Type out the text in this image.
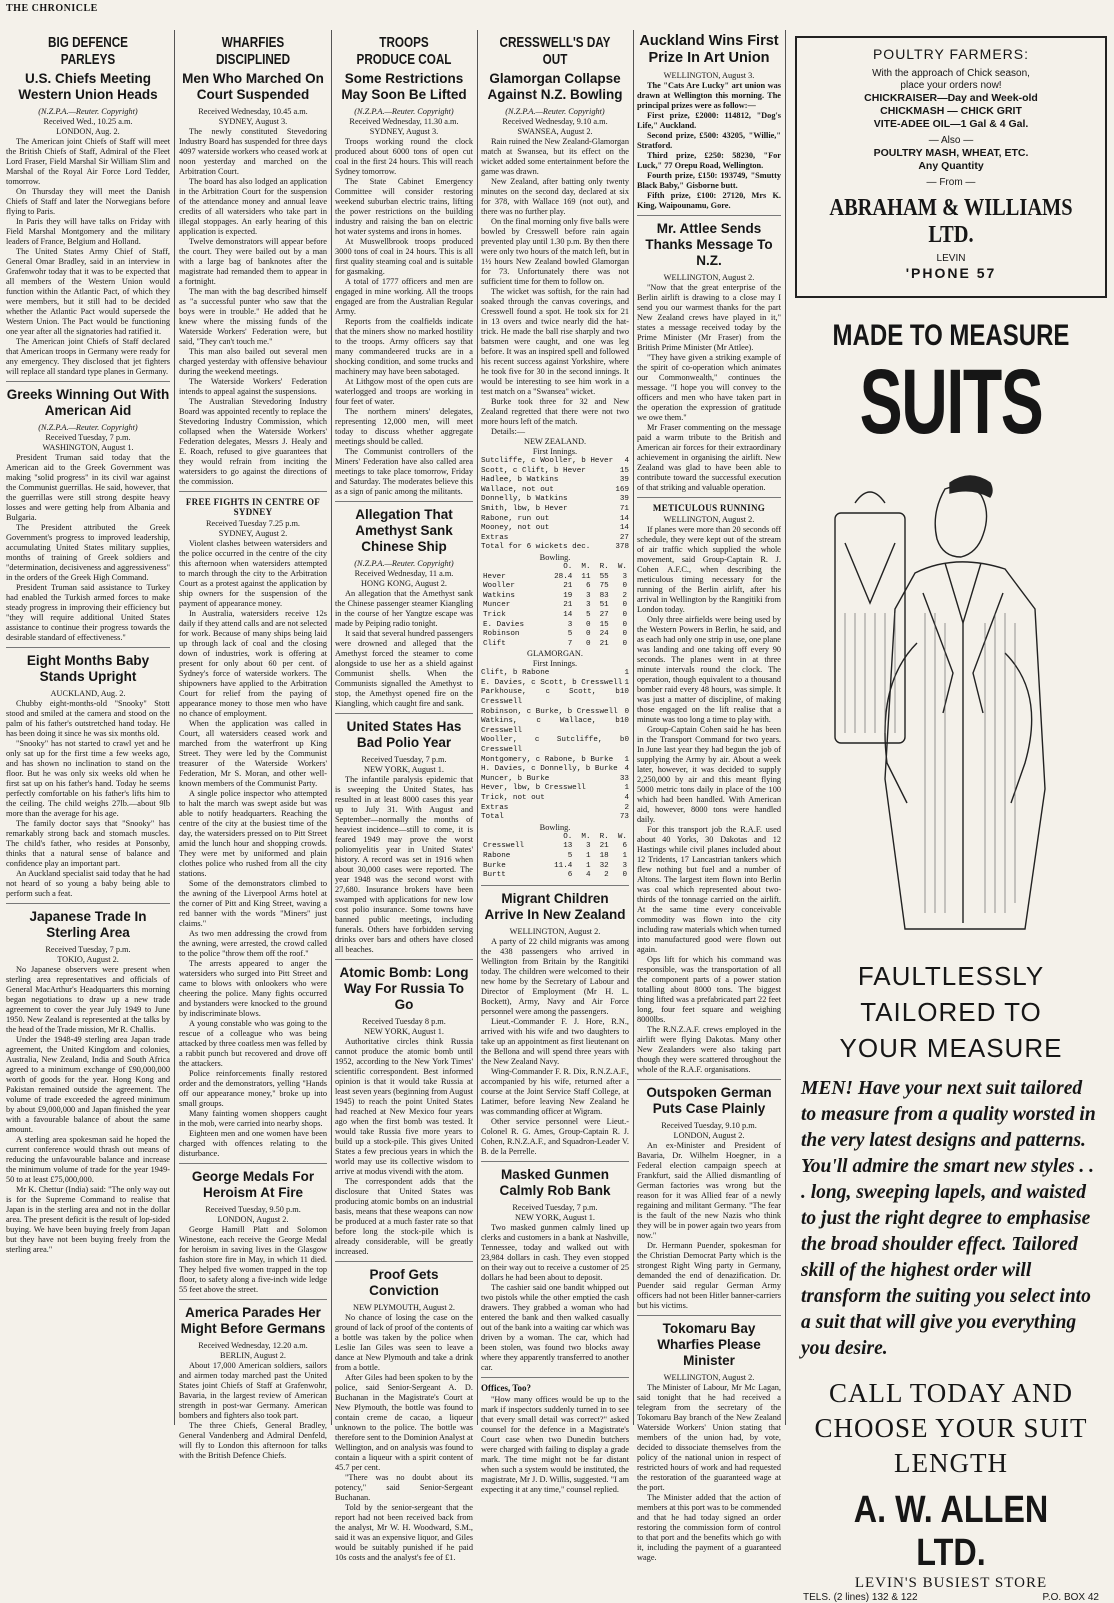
THE CHRONICLE
BIG DEFENCE PARLEYS
U.S. Chiefs Meeting Western Union Heads
(N.Z.P.A.—Reuter. Copyright)
Received Wed., 10.25 a.m.
LONDON, Aug. 2.

The American joint Chiefs of Staff will meet the British Chiefs of Staff, Admiral of the Fleet Lord Fraser, Field Marshal Sir William Slim and Marshal of the Royal Air Force Lord Tedder, tomorrow.

On Thursday they will meet the Danish Chiefs of Staff and later the Norwegians before flying to Paris.

In Paris they will have talks on Friday with Field Marshal Montgomery and the military leaders of France, Belgium and Holland.

The United States Army Chief of Staff, General Omar Bradley, said in an interview in Grafenwohr today that it was to be expected that all members of the Western Union would function within the Atlantic Pact, of which they were members, but it still had to be decided whether the Atlantic Pact would supersede the Western Union. The Pact would be functioning one year after all the signatories had ratified it.

The American joint Chiefs of Staff declared that American troops in Germany were ready for any emergency. They disclosed that jet fighters will replace all standard type planes in Germany.

Greeks Winning Out With American Aid
(N.Z.P.A.—Reuter. Copyright)
Received Tuesday, 7 p.m.
WASHINGTON, August 1.

President Truman said today that the American aid to the Greek Government was making "solid progress" in its civil war against the Communist guerrillas. He said, however, that the guerrillas were still strong despite heavy losses and were getting help from Albania and Bulgaria.

The President attributed the Greek Government's progress to improved leadership, accumulating United States military supplies, months of training of Greek soldiers and "determination, decisiveness and aggressiveness" in the orders of the Greek High Command.

President Truman said assistance to Turkey had enabled the Turkish armed forces to make steady progress in improving their efficiency but "they will require additional United States assistance to continue their progress towards the desirable standard of effectiveness."

Eight Months Baby Stands Upright
AUCKLAND, Aug. 2.

Chubby eight-months-old "Snooky" Stott stood and smiled at the camera and stood on the palm of his father's outstretched hand today. He has been doing it since he was six months old.

"Snooky" has not started to crawl yet and he only sat up for the first time a few weeks ago, and has shown no inclination to stand on the floor. But he was only six weeks old when he first sat up on his father's hand. Today he seems perfectly comfortable on his father's lifts him to the ceiling. The child weighs 27lb.—about 9lb more than the average for his age.

The family doctor says that "Snooky" has remarkably strong back and stomach muscles. The child's father, who resides at Ponsonby, thinks that a natural sense of balance and confidence play an important part.

An Auckland specialist said today that he had not heard of so young a baby being able to perform such a feat.

Japanese Trade In Sterling Area
Received Tuesday, 7 p.m.
TOKIO, August 2.

No Japanese observers were present when sterling area representatives and officials of General MacArthur's Headquarters this morning began negotiations to draw up a new trade agreement to cover the year July 1949 to June 1950. New Zealand is represented at the talks by the head of the Trade mission, Mr R. Challis.

Under the 1948-49 sterling area Japan trade agreement, the United Kingdom and colonies, Australia, New Zealand, India and South Africa agreed to a minimum exchange of £90,000,000 worth of goods for the year. Hong Kong and Pakistan remained outside the agreement. The volume of trade exceeded the agreed minimum by about £9,000,000 and Japan finished the year with a favourable balance of about the same amount.

A sterling area spokesman said he hoped the current conference would thrash out means of reducing the unfavourable balance and increase the minimum volume of trade for the year 1949-50 to at least £75,000,000.

Mr K. Chettur (India) said: "The only way out is for the Supreme Command to realise that Japan is in the sterling area and not in the dollar area. The present deficit is the result of lop-sided buying. We have been buying freely from Japan but they have not been buying freely from the sterling area."

WHARFIES DISCIPLINED
Men Who Marched On Court Suspended
Received Wednesday, 10.45 a.m.
SYDNEY, August 3.

The newly constituted Stevedoring Industry Board has suspended for three days 4097 waterside workers who ceased work at noon yesterday and marched on the Arbitration Court.

The board has also lodged an application in the Arbitration Court for the suspension of the attendance money and annual leave credits of all watersiders who take part in illegal stoppages. An early hearing of this application is expected.

Twelve demonstrators will appear before the court. They were bailed out by a man with a large bag of banknotes after the magistrate had remanded them to appear in a fortnight.

The man with the bag described himself as "a successful punter who saw that the boys were in trouble." He added that he knew where the missing funds of the Waterside Workers' Federation were, but said, "They can't touch me."

This man also bailed out several men charged yesterday with offensive behaviour during the weekend meetings.

The Waterside Workers' Federation intends to appeal against the suspensions.

The Australian Stevedoring Industry Board was appointed recently to replace the Stevedoring Industry Commission, which collapsed when the Waterside Workers' Federation delegates, Messrs J. Healy and E. Roach, refused to give guarantees that they would refrain from inciting the watersiders to go against the directions of the commission.

FREE FIGHTS IN CENTRE OF SYDNEY
Received Tuesday 7.25 p.m.
SYDNEY, August 2.

Violent clashes between watersiders and the police occurred in the centre of the city this afternoon when watersiders attempted to march through the city to the Arbitration Court as a protest against the application by ship owners for the suspension of the payment of appearance money.

In Australia, watersiders receive 12s daily if they attend calls and are not selected for work. Because of many ships being laid up through lack of coal and the closing down of industries, work is offering at present for only about 60 per cent. of Sydney's force of waterside workers. The shipowners have applied to the Arbitration Court for relief from the paying of appearance money to those men who have no chance of employment.

When the application was called in Court, all watersiders ceased work and marched from the waterfront up King Street. They were led by the Communist treasurer of the Waterside Workers' Federation, Mr S. Moran, and other well-known members of the Communist Party.

A single police inspector who attempted to halt the march was swept aside but was able to notify headquarters. Reaching the centre of the city at the busiest time of the day, the watersiders pressed on to Pitt Street amid the lunch hour and shopping crowds. They were met by uniformed and plain clothes police who rushed from all the city stations.

Some of the demonstrators climbed to the awning of the Liverpool Arms hotel at the corner of Pitt and King Street, waving a red banner with the words "Miners" just claims."

As two men addressing the crowd from the awning, were arrested, the crowd called to the police "throw them off the roof."

The arrests appeared to anger the watersiders who surged into Pitt Street and came to blows with onlookers who were cheering the police. Many fights occurred and bystanders were knocked to the ground by indiscriminate blows.

A young constable who was going to the rescue of a colleague who was being attacked by three coatless men was felled by a rabbit punch but recovered and drove off the attackers.

Police reinforcements finally restored order and the demonstrators, yelling "Hands off our appearance money," broke up into small groups.

Many fainting women shoppers caught in the mob, were carried into nearby shops.

Eighteen men and one women have been charged with offences relating to the disturbance.

George Medals For Heroism At Fire
Received Tuesday, 9.50 p.m.
LONDON, August 2.

George Hamill Platt and Solomon Winestone, each receive the George Medal for heroism in saving lives in the Glasgow fashion store fire in May, in which 11 died. They helped five women trapped in the top floor, to safety along a five-inch wide ledge 55 feet above the street.

America Parades Her Might Before Germans
Received Wednesday, 12.20 a.m.
BERLIN, August 2.

About 17,000 American soldiers, sailors and airmen today marched past the United States joint Chiefs of Staff at Grafenwohr, Bavaria, in the largest review of American strength in post-war Germany. American bombers and fighters also took part.

The three Chiefs, General Bradley, General Vandenberg and Admiral Denfeld, will fly to London this afternoon for talks with the British Defence Chiefs.

TROOPS PRODUCE COAL
Some Restrictions May Soon Be Lifted
(N.Z.P.A.—Reuter. Copyright)
Received Wednesday, 11.30 a.m.
SYDNEY, August 3.

Troops working round the clock produced about 6000 tons of open cut coal in the first 24 hours. This will reach Sydney tomorrow.

The State Cabinet Emergency Committee will consider restoring weekend suburban electric trains, lifting the power restrictions on the building industry and raising the ban on electric hot water systems and irons in homes.

At Muswellbrook troops produced 3000 tons of coal in 24 hours. This is all first quality steaming coal and is suitable for gasmaking.

A total of 1777 officers and men are engaged in mine working. All the troops engaged are from the Australian Regular Army.

Reports from the coalfields indicate that the miners show no marked hostility to the troops. Army officers say that many commandeered trucks are in a shocking condition, and some trucks and machinery may have been sabotaged.

At Lithgow most of the open cuts are waterlogged and troops are working in four feet of water.

The northern miners' delegates, representing 12,000 men, will meet today to discuss whether aggregate meetings should be called.

The Communist controllers of the Miners' Federation have also called area meetings to take place tomorrow, Friday and Saturday. The moderates believe this as a sign of panic among the militants.

Allegation That Amethyst Sank Chinese Ship
(N.Z.P.A.—Reuter. Copyright)
Received Wednesday, 11 a.m.
HONG KONG, August 2.

An allegation that the Amethyst sank the Chinese passenger steamer Kiangling in the course of her Yangtze escape was made by Peiping radio tonight.

It said that several hundred passengers were drowned and alleged that the Amethyst forced the steamer to come alongside to use her as a shield against Communist shells. When the Communists signalled the Amethyst to stop, the Amethyst opened fire on the Kiangling, which caught fire and sank.

United States Has Bad Polio Year
Received Tuesday, 7 p.m.
NEW YORK, August 1.

The infantile paralysis epidemic that is sweeping the United States, has resulted in at least 8000 cases this year up to July 31. With August and September—normally the months of heaviest incidence—still to come, it is feared 1949 may prove the worst poliomyelitis year in United States' history. A record was set in 1916 when about 30,000 cases were reported. The year 1948 was the second worst with 27,680. Insurance brokers have been swamped with applications for new low cost polio insurance. Some towns have banned public meetings, including funerals. Others have forbidden serving drinks over bars and others have closed all beaches.

Atomic Bomb: Long Way For Russia To Go
Received Tuesday 8 p.m.
NEW YORK, August 1.

Authoritative circles think Russia cannot produce the atomic bomb until 1952, according to the New York Times' scientific correspondent. Best informed opinion is that it would take Russia at least seven years (beginning from August 1945) to reach the point United States had reached at New Mexico four years ago when the first bomb was tested. It would take Russia five more years to build up a stock-pile. This gives United States a few precious years in which the world may use its collective wisdom to arrive at modus vivendi with the atom.

The correspondent adds that the disclosure that United States was producing atomic bombs on an industrial basis, means that these weapons can now be produced at a much faster rate so that before long the stock-pile which is already considerable, will be greatly increased.

Proof Gets Conviction
NEW PLYMOUTH, August 2.

No chance of losing the case on the ground of lack of proof of the contents of a bottle was taken by the police when Leslie Ian Giles was seen to leave a dance at New Plymouth and take a drink from a bottle.

After Giles had been spoken to by the police, said Senior-Sergeant A. D. Buchanan in the Magistrate's Court at New Plymouth, the bottle was found to contain creme de cacao, a liqueur unknown to the police. The bottle was therefore sent to the Dominion Analyst at Wellington, and on analysis was found to contain a liqueur with a spirit content of 45.7 per cent.

"There was no doubt about its potency," said Senior-Sergeant Buchanan.

Told by the senior-sergeant that the report had not been received back from the analyst, Mr W. H. Woodward, S.M., said it was an expensive liquor, and Giles would be suitably punished if he paid 10s costs and the analyst's fee of £1.

CRESSWELL'S DAY OUT
Glamorgan Collapse Against N.Z. Bowling
(N.Z.P.A.—Reuter. Copyright)
Received Wednesday, 9.10 a.m.
SWANSEA, August 2.

Rain ruined the New Zealand-Glamorgan match at Swansea, but its effect on the wicket added some entertainment before the game was drawn.

New Zealand, after batting only twenty minutes on the second day, declared at six for 378, with Wallace 169 (not out), and there was no further play.

On the final morning only five balls were bowled by Cresswell before rain again prevented play until 1.30 p.m. By then there were only two hours of the match left, but in 1½ hours New Zealand bowled Glamorgan for 73. Unfortunately there was not sufficient time for them to follow on.

The wicket was softish, for the rain had soaked through the canvas coverings, and Cresswell found a spot. He took six for 21 in 13 overs and twice nearly did the hat-trick. He made the ball rise sharply and two batsmen were caught, and one was leg before. It was an inspired spell and followed his recent success against Yorkshire, where he took five for 30 in the second innings. It would be interesting to see him work in a test match on a "Swansea" wicket.

Burke took three for 32 and New Zealand regretted that there were not two more hours left of the match.

Details:—

NEW ZEALAND.
First Innings.
Sutcliffe, c Wooller, b Hever 4
Scott, c Clift, b Hever	15
Hadlee, b Watkins	39
Wallace, not out	169
Donnelly, b Watkins	39
Smith, lbw, b Hever	71
Rabone, run out	14
Mooney, not out	14
Extras	27
Total for 6 wickets dec.	378
Bowling.
	O.	M.	R.	W.
Hever	28.4	11	55	3
Wooller	21	6	75	0
Watkins	19	3	83	2
Muncer	21	3	51	0
Trick	14	5	27	0
E. Davies	3	0	15	0
Robinson	5	0	24	0
Clift	7	0	21	0
GLAMORGAN.
First Innings.
Clift, b Rabone	1
E. Davies, c Scott, b Cresswell 1
Parkhouse, c Scott, b Cresswell
10
Robinson, c Burke, b Cresswell 0
Watkins, c Wallace, b Cresswell
10
Wooller, c Sutcliffe, b Cresswell
0
Montgomery, c Rabone, b Burke 1
H. Davies, c Donnelly, b Burke 4
Muncer, b Burke	33
Hever, lbw, b Cresswell	1
Trick, not out	4
Extras	2
Total	73
Bowling.
	O.	M.	R.	W.
Cresswell	13	3	21	6
Rabone	5	1	18	1
Burke	11.4	1	32	3
Burtt	6	4	2	0
Migrant Children Arrive In New Zealand
WELLINGTON, August 2.

A party of 22 child migrants was among the 438 passengers who arrived in Wellington from Britain by the Rangitiki today. The children were welcomed to their new home by the Secretary of Labour and Director of Employment (Mr H. L. Bockett), Army, Navy and Air Force personnel were among the passengers.

Lieut.-Commander F. J. Hore, R.N., arrived with his wife and two daughters to take up an appointment as first lieutenant on the Bellona and will spend three years with the New Zealand Navy.

Wing-Commander F. R. Dix, R.N.Z.A.F., accompanied by his wife, returned after a course at the Joint Service Staff College, at Latimer, before leaving New Zealand he was commanding officer at Wigram.

Other service personnel were Lieut.-Colonel R. G. Ames, Group-Captain R. J. Cohen, R.N.Z.A.F., and Squadron-Leader V. B. de la Perrelle.

Masked Gunmen Calmly Rob Bank
Received Tuesday, 7 p.m.
NEW YORK, August 1.

Two masked gunmen calmly lined up clerks and customers in a bank at Nashville, Tennessee, today and walked out with 23,984 dollars in cash. They even stopped on their way out to receive a customer of 25 dollars he had been about to deposit.

The cashier said one bandit whipped out two pistols while the other emptied the cash drawers. They grabbed a woman who had entered the bank and then walked casually out of the bank into a waiting car which was driven by a woman. The car, which had been stolen, was found two blocks away where they apparently transferred to another car.

Offices, Too?

"How many offices would be up to the mark if inspectors suddenly turned in to see that every small detail was correct?" asked counsel for the defence in a Magistrate's Court case when two Dunedin butchers were charged with failing to display a grade mark. The time might not be far distant when such a system would be instituted, the magistrate, Mr J. D. Willis, suggested. "I am expecting it at any time," counsel replied.

Auckland Wins First Prize In Art Union
WELLINGTON, August 3.

The "Cats Are Lucky" art union was drawn at Wellington this morning. The principal prizes were as follow:—

First prize, £2000: 114812, "Dog's Life," Auckland.

Second prize, £500: 43205, "Willie," Stratford.

Third prize, £250: 58230, "For Luck," 77 Orepu Road, Wellington.

Fourth prize, £150: 193749, "Smutty Black Baby," Gisborne butt.

Fifth prize, £100: 27120, Mrs K. King, Waipounamu, Gore.

Mr. Attlee Sends Thanks Message To N.Z.
WELLINGTON, August 2.

"Now that the great enterprise of the Berlin airlift is drawing to a close may I send you our warmest thanks for the part New Zealand crews have played in it," states a message received today by the Prime Minister (Mr Fraser) from the British Prime Minister (Mr Attlee).

"They have given a striking example of the spirit of co-operation which animates our Commonwealth," continues the message. "I hope you will convey to the officers and men who have taken part in the operation the expression of gratitude we owe them."

Mr Fraser commenting on the message paid a warm tribute to the British and American air forces for their extraordinary achievement in organising the airlift. New Zealand was glad to have been able to contribute toward the successful execution of that striking and valuable operation.

METICULOUS RUNNING
WELLINGTON, August 2.

If planes were more than 20 seconds off schedule, they were kept out of the stream of air traffic which supplied the whole movement, said Group-Captain R. J. Cohen A.F.C., when describing the meticulous timing necessary for the running of the Berlin airlift, after his arrival in Wellington by the Rangitiki from London today.

Only three airfields were being used by the Western Powers in Berlin, he said, and as each had only one strip in use, one plane was landing and one taking off every 90 seconds. The planes went in at three minute intervals round the clock. The operation, though equivalent to a thousand bomber raid every 48 hours, was simple. It was just a matter of discipline, of making those engaged on the lift realise that a minute was too long a time to play with.

Group-Captain Cohen said he has been in the Transport Command for two years. In June last year they had begun the job of supplying the Army by air. About a week later, however, it was decided to supply 2,250,000 by air and this meant flying 5000 metric tons daily in place of the 100 which had been handled. With American aid, however, 8000 tons were handled daily.

For this transport job the R.A.F. used about 40 Yorks, 30 Dakotas and 12 Hastings while civil planes included about 12 Tridents, 17 Lancastrian tankers which flew nothing but fuel and a number of Altons. The largest item flown into Berlin was coal which represented about two-thirds of the tonnage carried on the airlift. At the same time every conceivable commodity was flown into the city including raw materials which when turned into manufactured good were flown out again.

Ops lift for which his command was responsible, was the transportation of all the component parts of a power station totalling about 8000 tons. The biggest thing lifted was a prefabricated part 22 feet long, four feet square and weighing 8000lbs.

The R.N.Z.A.F. crews employed in the airlift were flying Dakotas. Many other New Zealanders were also taking part though they were scattered throughout the whole of the R.A.F. organisations.

Outspoken German Puts Case Plainly
Received Tuesday, 9.10 p.m.
LONDON, August 2.

An ex-Minister and President of Bavaria, Dr. Wilhelm Hoegner, in a Federal election campaign speech at Frankfurt, said the Allied dismantling of German factories was wrong but the reason for it was Allied fear of a newly regaining and militant Germany. "The fear is the fault of the new Nazis who think they will be in power again two years from now."

Dr. Hermann Puender, spokesman for the Christian Democrat Party which is the strongest Right Wing party in Germany, demanded the end of denazification. Dr. Puender said regular German Army officers had not been Hitler banner-carriers but his victims.

Tokomaru Bay Wharfies Please Minister
WELLINGTON, August 2.

The Minister of Labour, Mr Mc Lagan, said tonight that he had received a telegram from the secretary of the Tokomaru Bay branch of the New Zealand Waterside Workers' Union stating that members of the union had, by vote, decided to dissociate themselves from the policy of the national union in respect of restricted hours of work and had requested the restoration of the guaranteed wage at the port.

The Minister added that the action of members at this port was to be commended and that he had today signed an order restoring the commission form of control to that port and the benefits which go with it, including the payment of a guaranteed wage.

POULTRY FARMERS:
With the approach of Chick season,
place your orders now!
CHICKRAISER—Day and Week-old
CHICKMASH — CHICK GRIT
VITE-ADEE OIL—1 Gal & 4 Gal.
— Also —
POULTRY MASH, WHEAT, ETC.
Any Quantity
— From —
ABRAHAM & WILLIAMS LTD.
LEVIN
'PHONE 57
MADE TO MEASURE
SUITS
FAULTLESSLY
TAILORED TO
YOUR MEASURE
MEN! Have your next suit tailored to measure from a quality worsted in the very latest designs and patterns. You'll admire the smart new styles . . . long, sweeping lapels, and waisted to just the right degree to emphasise the broad shoulder effect. Tailored skill of the highest order will transform the suiting you select into a suit that will give you everything you desire.
CALL TODAY AND
CHOOSE YOUR SUIT
LENGTH
A. W. ALLEN LTD.
LEVIN'S BUSIEST STORE
TELS. (2 lines) 132 & 122	P.O. BOX 42
